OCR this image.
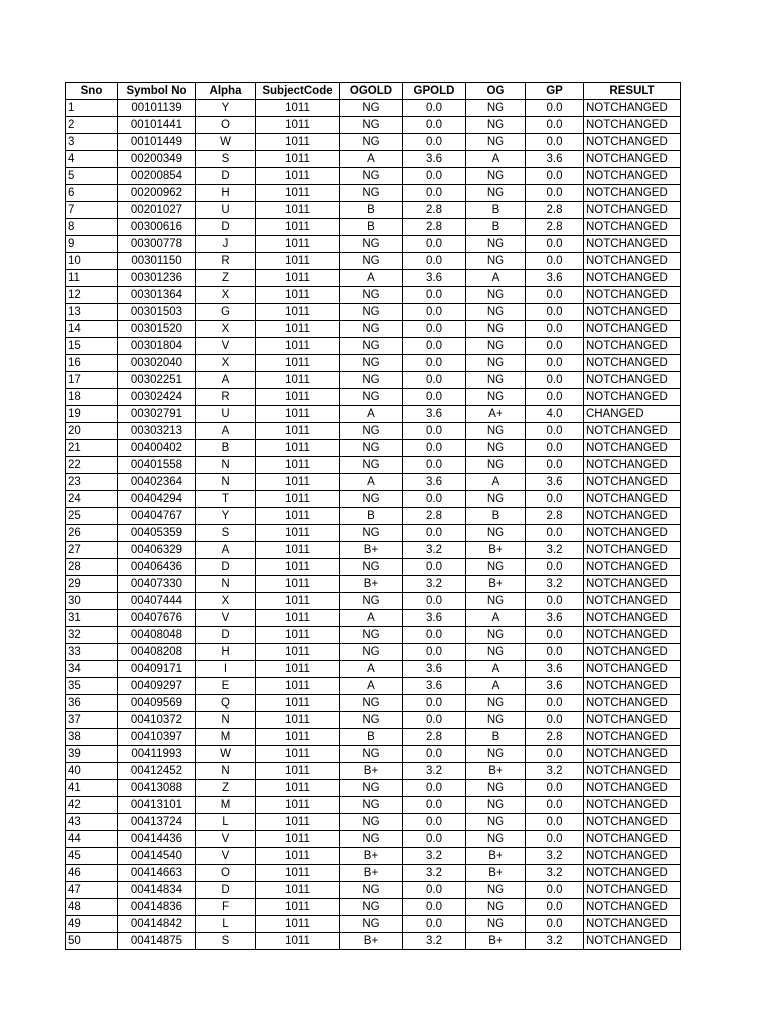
Sno	Symbol No	Alpha	SubjectCode	OGOLD	GPOLD	OG	GP	RESULT
1	00101139	Y	1011	NG	0.0	NG	0.0	NOTCHANGED
2	00101441	O	1011	NG	0.0	NG	0.0	NOTCHANGED
3	00101449	W	1011	NG	0.0	NG	0.0	NOTCHANGED
4	00200349	S	1011	A	3.6	A	3.6	NOTCHANGED
5	00200854	D	1011	NG	0.0	NG	0.0	NOTCHANGED
6	00200962	H	1011	NG	0.0	NG	0.0	NOTCHANGED
7	00201027	U	1011	B	2.8	B	2.8	NOTCHANGED
8	00300616	D	1011	B	2.8	B	2.8	NOTCHANGED
9	00300778	J	1011	NG	0.0	NG	0.0	NOTCHANGED
10	00301150	R	1011	NG	0.0	NG	0.0	NOTCHANGED
11	00301236	Z	1011	A	3.6	A	3.6	NOTCHANGED
12	00301364	X	1011	NG	0.0	NG	0.0	NOTCHANGED
13	00301503	G	1011	NG	0.0	NG	0.0	NOTCHANGED
14	00301520	X	1011	NG	0.0	NG	0.0	NOTCHANGED
15	00301804	V	1011	NG	0.0	NG	0.0	NOTCHANGED
16	00302040	X	1011	NG	0.0	NG	0.0	NOTCHANGED
17	00302251	A	1011	NG	0.0	NG	0.0	NOTCHANGED
18	00302424	R	1011	NG	0.0	NG	0.0	NOTCHANGED
19	00302791	U	1011	A	3.6	A+	4.0	CHANGED
20	00303213	A	1011	NG	0.0	NG	0.0	NOTCHANGED
21	00400402	B	1011	NG	0.0	NG	0.0	NOTCHANGED
22	00401558	N	1011	NG	0.0	NG	0.0	NOTCHANGED
23	00402364	N	1011	A	3.6	A	3.6	NOTCHANGED
24	00404294	T	1011	NG	0.0	NG	0.0	NOTCHANGED
25	00404767	Y	1011	B	2.8	B	2.8	NOTCHANGED
26	00405359	S	1011	NG	0.0	NG	0.0	NOTCHANGED
27	00406329	A	1011	B+	3.2	B+	3.2	NOTCHANGED
28	00406436	D	1011	NG	0.0	NG	0.0	NOTCHANGED
29	00407330	N	1011	B+	3.2	B+	3.2	NOTCHANGED
30	00407444	X	1011	NG	0.0	NG	0.0	NOTCHANGED
31	00407676	V	1011	A	3.6	A	3.6	NOTCHANGED
32	00408048	D	1011	NG	0.0	NG	0.0	NOTCHANGED
33	00408208	H	1011	NG	0.0	NG	0.0	NOTCHANGED
34	00409171	I	1011	A	3.6	A	3.6	NOTCHANGED
35	00409297	E	1011	A	3.6	A	3.6	NOTCHANGED
36	00409569	Q	1011	NG	0.0	NG	0.0	NOTCHANGED
37	00410372	N	1011	NG	0.0	NG	0.0	NOTCHANGED
38	00410397	M	1011	B	2.8	B	2.8	NOTCHANGED
39	00411993	W	1011	NG	0.0	NG	0.0	NOTCHANGED
40	00412452	N	1011	B+	3.2	B+	3.2	NOTCHANGED
41	00413088	Z	1011	NG	0.0	NG	0.0	NOTCHANGED
42	00413101	M	1011	NG	0.0	NG	0.0	NOTCHANGED
43	00413724	L	1011	NG	0.0	NG	0.0	NOTCHANGED
44	00414436	V	1011	NG	0.0	NG	0.0	NOTCHANGED
45	00414540	V	1011	B+	3.2	B+	3.2	NOTCHANGED
46	00414663	O	1011	B+	3.2	B+	3.2	NOTCHANGED
47	00414834	D	1011	NG	0.0	NG	0.0	NOTCHANGED
48	00414836	F	1011	NG	0.0	NG	0.0	NOTCHANGED
49	00414842	L	1011	NG	0.0	NG	0.0	NOTCHANGED
50	00414875	S	1011	B+	3.2	B+	3.2	NOTCHANGED
